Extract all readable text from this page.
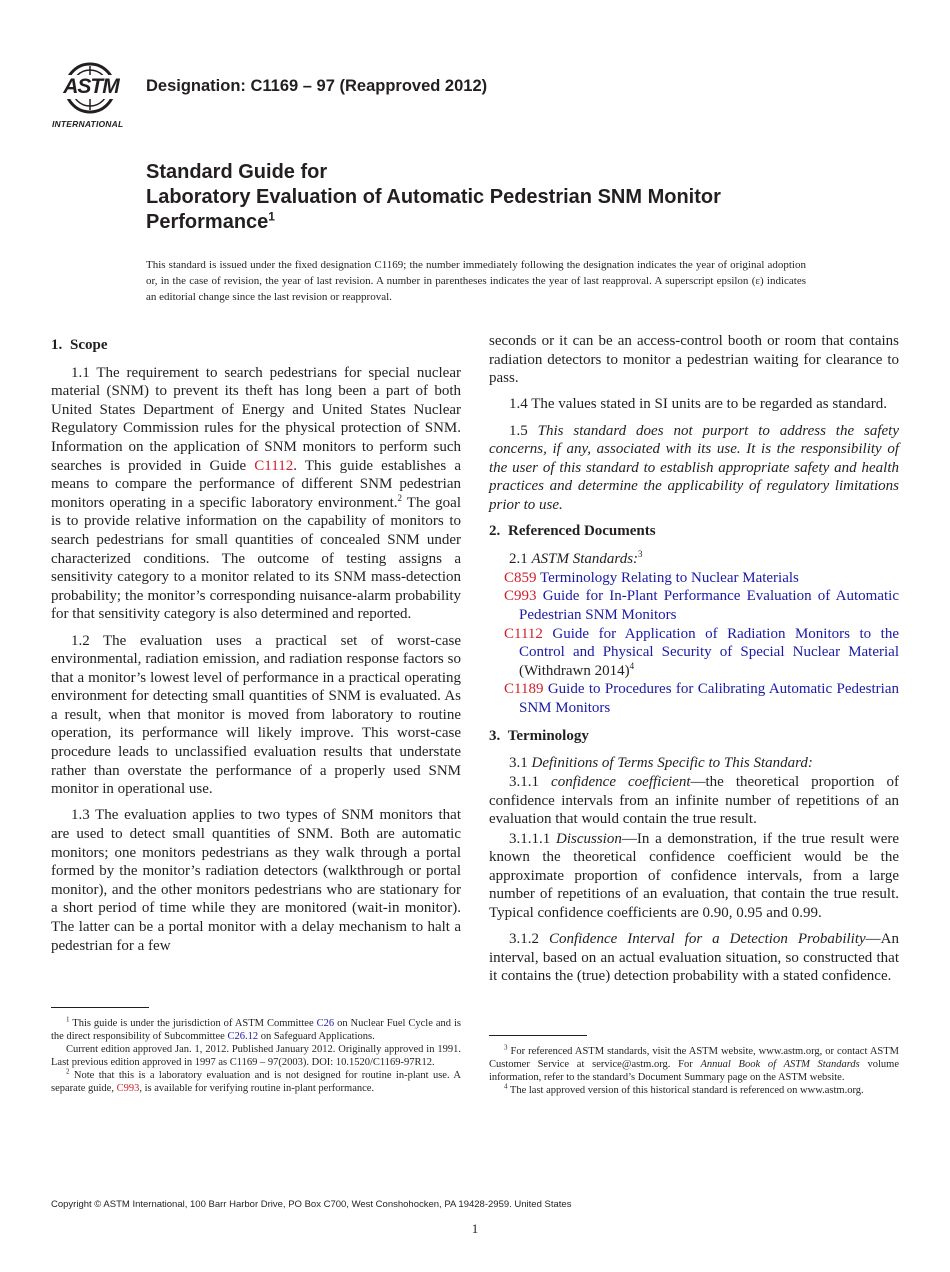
ASTM
INTERNATIONAL
Designation: C1169 – 97 (Reapproved 2012)
Standard Guide for
Laboratory Evaluation of Automatic Pedestrian SNM Monitor
Performance$^1$
This standard is issued under the fixed designation C1169; the number immediately following the designation indicates the year of original adoption or, in the case of revision, the year of last revision. A number in parentheses indicates the year of last reapproval. A superscript epsilon (ε) indicates an editorial change since the last revision or reapproval.

1. Scope

1.1 The requirement to search pedestrians for special nuclear material (SNM) to prevent its theft has long been a part of both United States Department of Energy and United States Nuclear Regulatory Commission rules for the physical protection of SNM. Information on the application of SNM monitors to perform such searches is provided in Guide C1112. This guide establishes a means to compare the performance of different SNM pedestrian monitors operating in a specific laboratory environment.$^2$ The goal is to provide relative information on the capability of monitors to search pedestrians for small quantities of concealed SNM under characterized conditions. The outcome of testing assigns a sensitivity category to a monitor related to its SNM mass-detection probability; the monitor’s corresponding nuisance-alarm probability for that sensitivity category is also determined and reported.

1.2 The evaluation uses a practical set of worst-case environmental, radiation emission, and radiation response factors so that a monitor’s lowest level of performance in a practical operating environment for detecting small quantities of SNM is evaluated. As a result, when that monitor is moved from laboratory to routine operation, its performance will likely improve. This worst-case procedure leads to unclassified evaluation results that understate rather than overstate the performance of a properly used SNM monitor in operational use.

1.3 The evaluation applies to two types of SNM monitors that are used to detect small quantities of SNM. Both are automatic monitors; one monitors pedestrians as they walk through a portal formed by the monitor’s radiation detectors (walkthrough or portal monitor), and the other monitors pedestrians who are stationary for a short period of time while they are monitored (wait-in monitor). The latter can be a portal monitor with a delay mechanism to halt a pedestrian for a few

$^1$ This guide is under the jurisdiction of ASTM Committee C26 on Nuclear Fuel Cycle and is the direct responsibility of Subcommittee C26.12 on Safeguard Applications.

Current edition approved Jan. 1, 2012. Published January 2012. Originally approved in 1991. Last previous edition approved in 1997 as C1169 – 97(2003). DOI: 10.1520/C1169-97R12.

$^2$ Note that this is a laboratory evaluation and is not designed for routine in-plant use. A separate guide, C993, is available for verifying routine in-plant performance.

seconds or it can be an access-control booth or room that contains radiation detectors to monitor a pedestrian waiting for clearance to pass.

1.4 The values stated in SI units are to be regarded as standard.

1.5 This standard does not purport to address the safety concerns, if any, associated with its use. It is the responsibility of the user of this standard to establish appropriate safety and health practices and determine the applicability of regulatory limitations prior to use.

2. Referenced Documents

2.1 ASTM Standards:$^3$

C859 Terminology Relating to Nuclear Materials

C993 Guide for In-Plant Performance Evaluation of Automatic Pedestrian SNM Monitors

C1112 Guide for Application of Radiation Monitors to the Control and Physical Security of Special Nuclear Material (Withdrawn 2014)$^4$

C1189 Guide to Procedures for Calibrating Automatic Pedestrian SNM Monitors

3. Terminology

3.1 Definitions of Terms Specific to This Standard:

3.1.1 confidence coefficient—the theoretical proportion of confidence intervals from an infinite number of repetitions of an evaluation that would contain the true result.

3.1.1.1 Discussion—In a demonstration, if the true result were known the theoretical confidence coefficient would be the approximate proportion of confidence intervals, from a large number of repetitions of an evaluation, that contain the true result. Typical confidence coefficients are 0.90, 0.95 and 0.99.

3.1.2 Confidence Interval for a Detection Probability—An interval, based on an actual evaluation situation, so constructed that it contains the (true) detection probability with a stated confidence.

$^3$ For referenced ASTM standards, visit the ASTM website, www.astm.org, or contact ASTM Customer Service at service@astm.org. For Annual Book of ASTM Standards volume information, refer to the standard’s Document Summary page on the ASTM website.

$^4$ The last approved version of this historical standard is referenced on www.astm.org.

Copyright © ASTM International, 100 Barr Harbor Drive, PO Box C700, West Conshohocken, PA 19428-2959. United States
1
